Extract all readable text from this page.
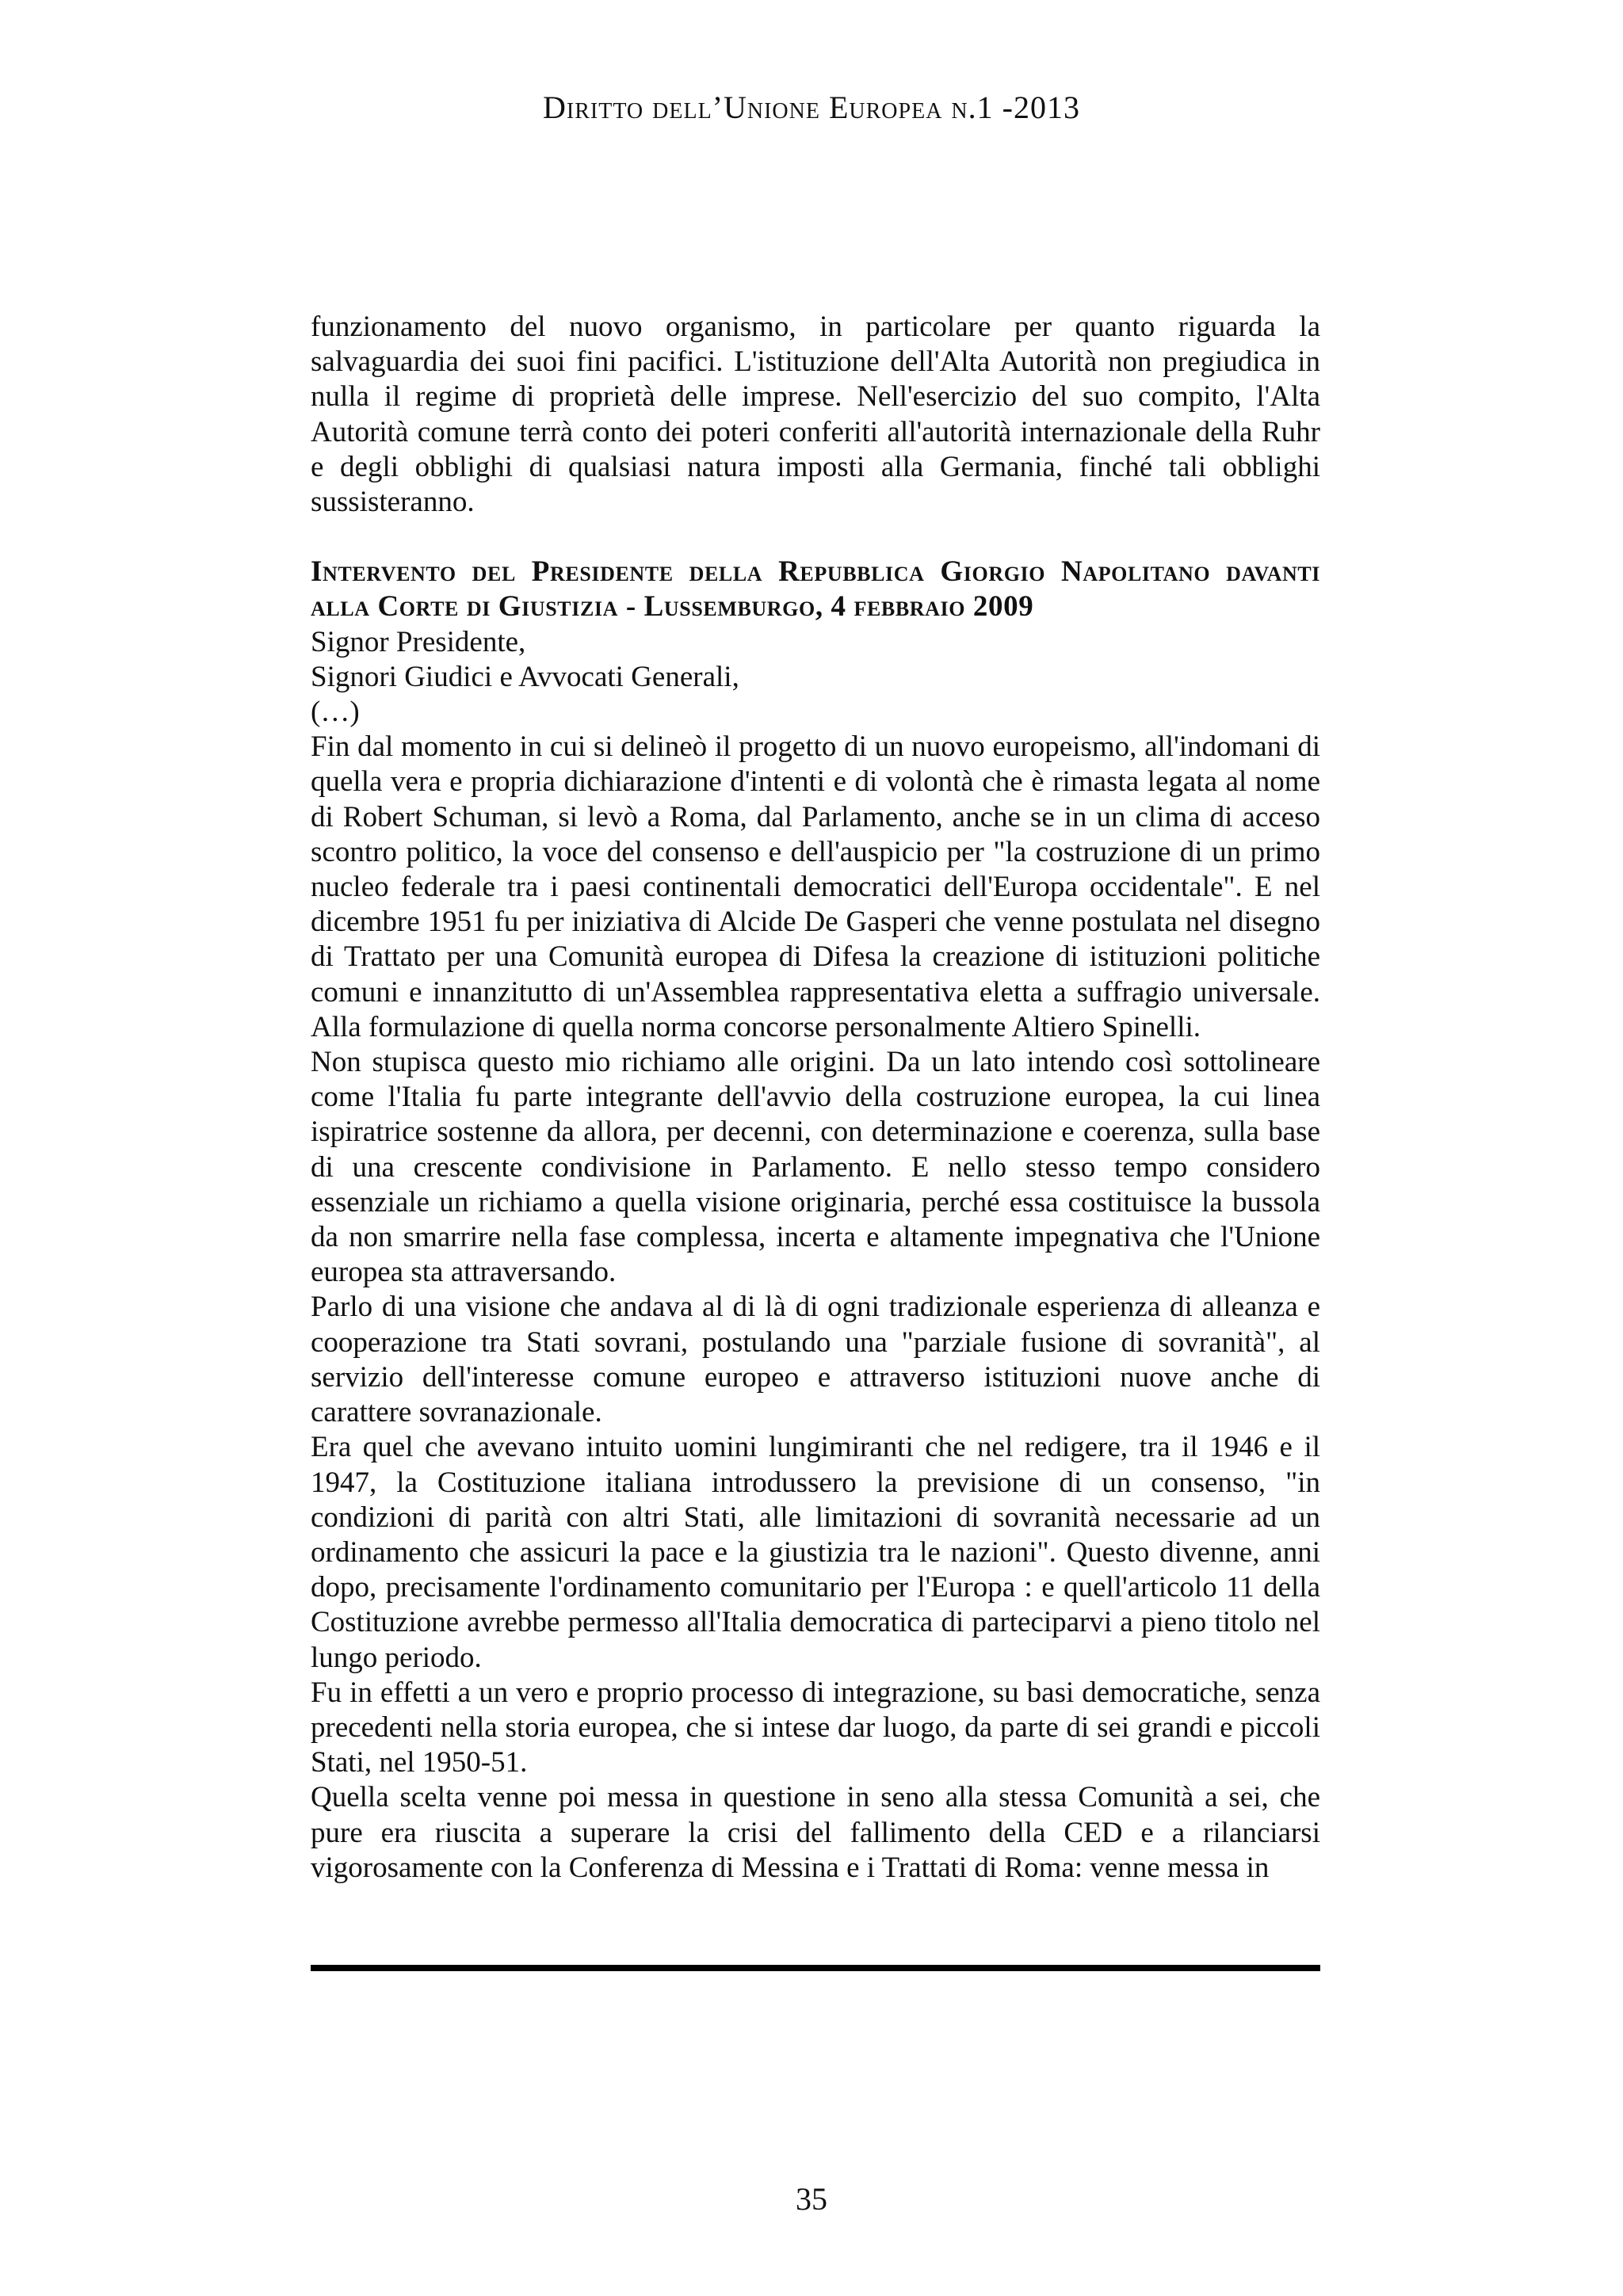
Diritto dell’Unione Europea n.1 -2013

funzionamento del nuovo organismo, in particolare per quanto riguarda la salvaguardia dei suoi fini pacifici. L'istituzione dell'Alta Autorità non pregiudica in nulla il regime di proprietà delle imprese. Nell'esercizio del suo compito, l'Alta Autorità comune terrà conto dei poteri conferiti all'autorità internazionale della Ruhr e degli obblighi di qualsiasi natura imposti alla Germania, finché tali obblighi sussisteranno.

Intervento del Presidente della Repubblica Giorgio Napolitano davanti alla Corte di Giustizia - Lussemburgo, 4 febbraio 2009

Signor Presidente,

Signori Giudici e Avvocati Generali,

(…)

Fin dal momento in cui si delineò il progetto di un nuovo europeismo, all'indomani di quella vera e propria dichiarazione d'intenti e di volontà che è rimasta legata al nome di Robert Schuman, si levò a Roma, dal Parlamento, anche se in un clima di acceso scontro politico, la voce del consenso e dell'auspicio per "la costruzione di un primo nucleo federale tra i paesi continentali democratici dell'Europa occidentale". E nel dicembre 1951 fu per iniziativa di Alcide De Gasperi che venne postulata nel disegno di Trattato per una Comunità europea di Difesa la creazione di istituzioni politiche comuni e innanzitutto di un'Assemblea rappresentativa eletta a suffragio universale. Alla formulazione di quella norma concorse personalmente Altiero Spinelli.

Non stupisca questo mio richiamo alle origini. Da un lato intendo così sottolineare come l'Italia fu parte integrante dell'avvio della costruzione europea, la cui linea ispiratrice sostenne da allora, per decenni, con determinazione e coerenza, sulla base di una crescente condivisione in Parlamento. E nello stesso tempo considero essenziale un richiamo a quella visione originaria, perché essa costituisce la bussola da non smarrire nella fase complessa, incerta e altamente impegnativa che l'Unione europea sta attraversando.

Parlo di una visione che andava al di là di ogni tradizionale esperienza di alleanza e cooperazione tra Stati sovrani, postulando una "parziale fusione di sovranità", al servizio dell'interesse comune europeo e attraverso istituzioni nuove anche di carattere sovranazionale.

Era quel che avevano intuito uomini lungimiranti che nel redigere, tra il 1946 e il 1947, la Costituzione italiana introdussero la previsione di un consenso, "in condizioni di parità con altri Stati, alle limitazioni di sovranità necessarie ad un ordinamento che assicuri la pace e la giustizia tra le nazioni". Questo divenne, anni dopo, precisamente l'ordinamento comunitario per l'Europa : e quell'articolo 11 della Costituzione avrebbe permesso all'Italia democratica di parteciparvi a pieno titolo nel lungo periodo.

Fu in effetti a un vero e proprio processo di integrazione, su basi democratiche, senza precedenti nella storia europea, che si intese dar luogo, da parte di sei grandi e piccoli Stati, nel 1950-51.

Quella scelta venne poi messa in questione in seno alla stessa Comunità a sei, che pure era riuscita a superare la crisi del fallimento della CED e a rilanciarsi vigorosamente con la Conferenza di Messina e i Trattati di Roma: venne messa in

35
